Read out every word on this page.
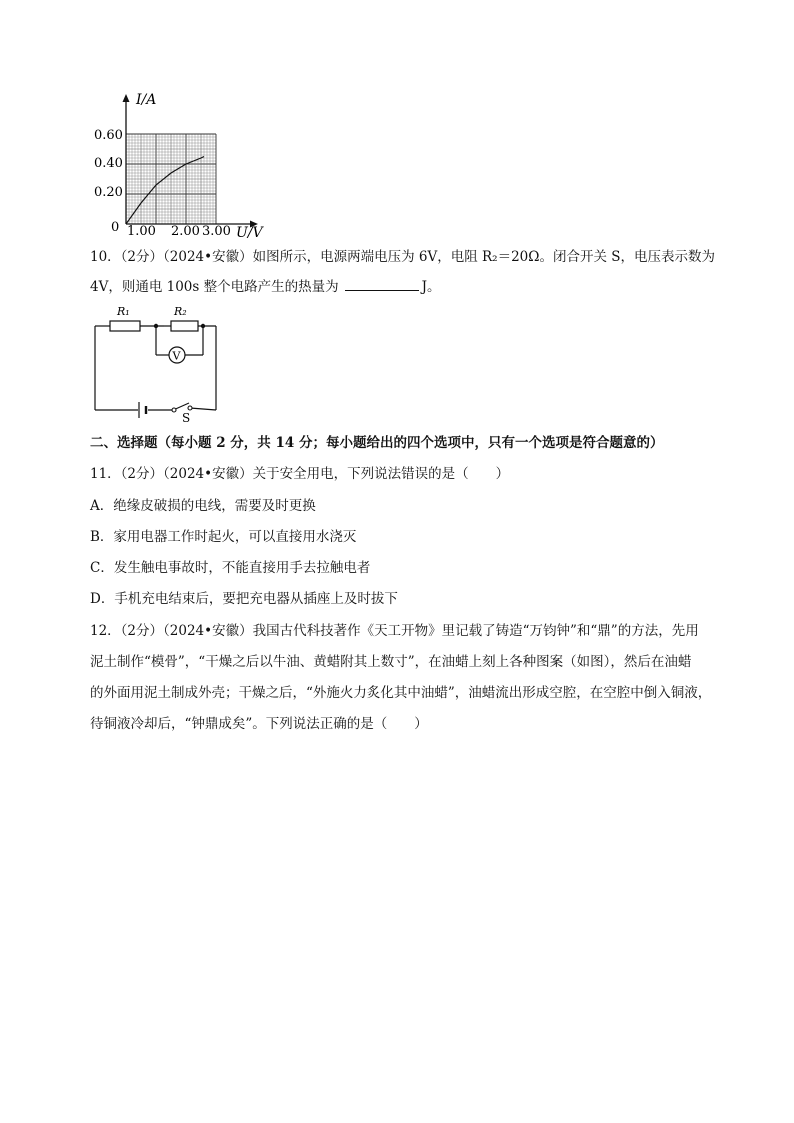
I/A
U/V
0
0.60
0.40
0.20
1.00 2.00 3.00
10．（2分）（2024•安徽）如图所示，电源两端电压为 6V，电阻 R₂＝20Ω。闭合开关 S，电压表示数为
4V，则通电 100s 整个电路产生的热量为	J。
R₁	R₂
V
S
二、选择题（每小题 2 分，共 14 分；每小题给出的四个选项中，只有一个选项是符合题意的）
11．（2分）（2024•安徽）关于安全用电，下列说法错误的是（　　）
A．绝缘皮破损的电线，需要及时更换
B．家用电器工作时起火，可以直接用水浇灭
C．发生触电事故时，不能直接用手去拉触电者
D．手机充电结束后，要把充电器从插座上及时拔下
12．（2分）（2024•安徽）我国古代科技著作《天工开物》里记载了铸造“万钧钟”和“鼎”的方法，先用
泥土制作“模骨”，“干燥之后以牛油、黄蜡附其上数寸”，在油蜡上刻上各种图案（如图），然后在油蜡
的外面用泥土制成外壳；干燥之后，“外施火力炙化其中油蜡”，油蜡流出形成空腔，在空腔中倒入铜液，
待铜液冷却后，“钟鼎成矣”。下列说法正确的是（　　）
